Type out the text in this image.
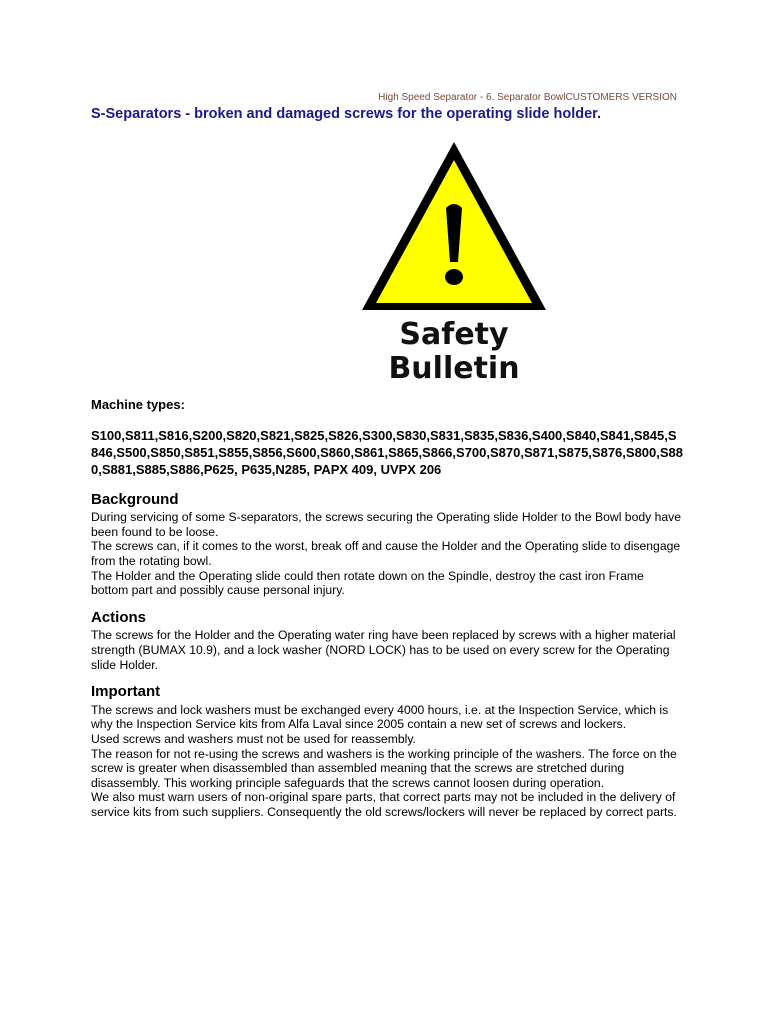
High Speed Separator - 6. Separator BowlCUSTOMERS VERSION
S-Separators - broken and damaged screws for the operating slide holder.
Safety
Bulletin
Machine types:
S100,S811,S816,S200,S820,S821,S825,S826,S300,S830,S831,S835,S836,S400,S840,S841,S845,S846,S500,S850,S851,S855,S856,S600,S860,S861,S865,S866,S700,S870,S871,S875,S876,S800,S880,S881,S885,S886,P625, P635,N285, PAPX 409, UVPX 206
Background

During servicing of some S-separators, the screws securing the Operating slide Holder to the Bowl body have been found to be loose.

The screws can, if it comes to the worst, break off and cause the Holder and the Operating slide to disengage from the rotating bowl.

The Holder and the Operating slide could then rotate down on the Spindle, destroy the cast iron Frame bottom part and possibly cause personal injury.

Actions

The screws for the Holder and the Operating water ring have been replaced by screws with a higher material strength (BUMAX 10.9), and a lock washer (NORD LOCK) has to be used on every screw for the Operating slide Holder.

Important

The screws and lock washers must be exchanged every 4000 hours, i.e. at the Inspection Service, which is why the Inspection Service kits from Alfa Laval since 2005 contain a new set of screws and lockers.

Used screws and washers must not be used for reassembly.

The reason for not re-using the screws and washers is the working principle of the washers. The force on the screw is greater when disassembled than assembled meaning that the screws are stretched during disassembly. This working principle safeguards that the screws cannot loosen during operation.

We also must warn users of non-original spare parts, that correct parts may not be included in the delivery of service kits from such suppliers. Consequently the old screws/lockers will never be replaced by correct parts.
